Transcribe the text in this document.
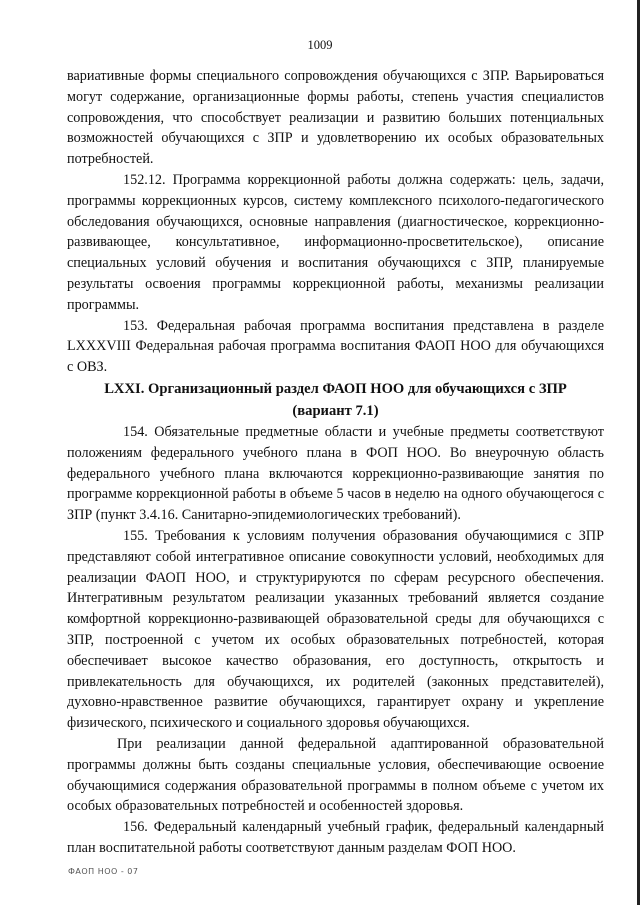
1009

вариативные формы специального сопровождения обучающихся с ЗПР. Варьироваться могут содержание, организационные формы работы, степень участия специалистов сопровождения, что способствует реализации и развитию больших потенциальных возможностей обучающихся с ЗПР и удовлетворению их особых образовательных потребностей.

152.12. Программа коррекционной работы должна содержать: цель, задачи, программы коррекционных курсов, систему комплексного психолого-педагогического обследования обучающихся, основные направления (диагностическое, коррекционно-развивающее, консультативное, информационно-просветительское), описание специальных условий обучения и воспитания обучающихся с ЗПР, планируемые результаты освоения программы коррекционной работы, механизмы реализации программы.

153. Федеральная рабочая программа воспитания представлена в разделе LXXXVIII Федеральная рабочая программа воспитания ФАОП НОО для обучающихся с ОВЗ.

LXXI. Организационный раздел ФАОП НОО для обучающихся с ЗПР
(вариант 7.1)

154. Обязательные предметные области и учебные предметы соответствуют положениям федерального учебного плана в ФОП НОО. Во внеурочную область федерального учебного плана включаются коррекционно-развивающие занятия по программе коррекционной работы в объеме 5 часов в неделю на одного обучающегося с ЗПР (пункт 3.4.16. Санитарно-эпидемиологических требований).

155. Требования к условиям получения образования обучающимися с ЗПР представляют собой интегративное описание совокупности условий, необходимых для реализации ФАОП НОО, и структурируются по сферам ресурсного обеспечения. Интегративным результатом реализации указанных требований является создание комфортной коррекционно-развивающей образовательной среды для обучающихся с ЗПР, построенной с учетом их особых образовательных потребностей, которая обеспечивает высокое качество образования, его доступность, открытость и привлекательность для обучающихся, их родителей (законных представителей), духовно-нравственное развитие обучающихся, гарантирует охрану и укрепление физического, психического и социального здоровья обучающихся.

При реализации данной федеральной адаптированной образовательной программы должны быть созданы специальные условия, обеспечивающие освоение обучающимися содержания образовательной программы в полном объеме с учетом их особых образовательных потребностей и особенностей здоровья.

156. Федеральный календарный учебный график, федеральный календарный план воспитательной работы соответствуют данным разделам ФОП НОО.

ФАОП НОО - 07
